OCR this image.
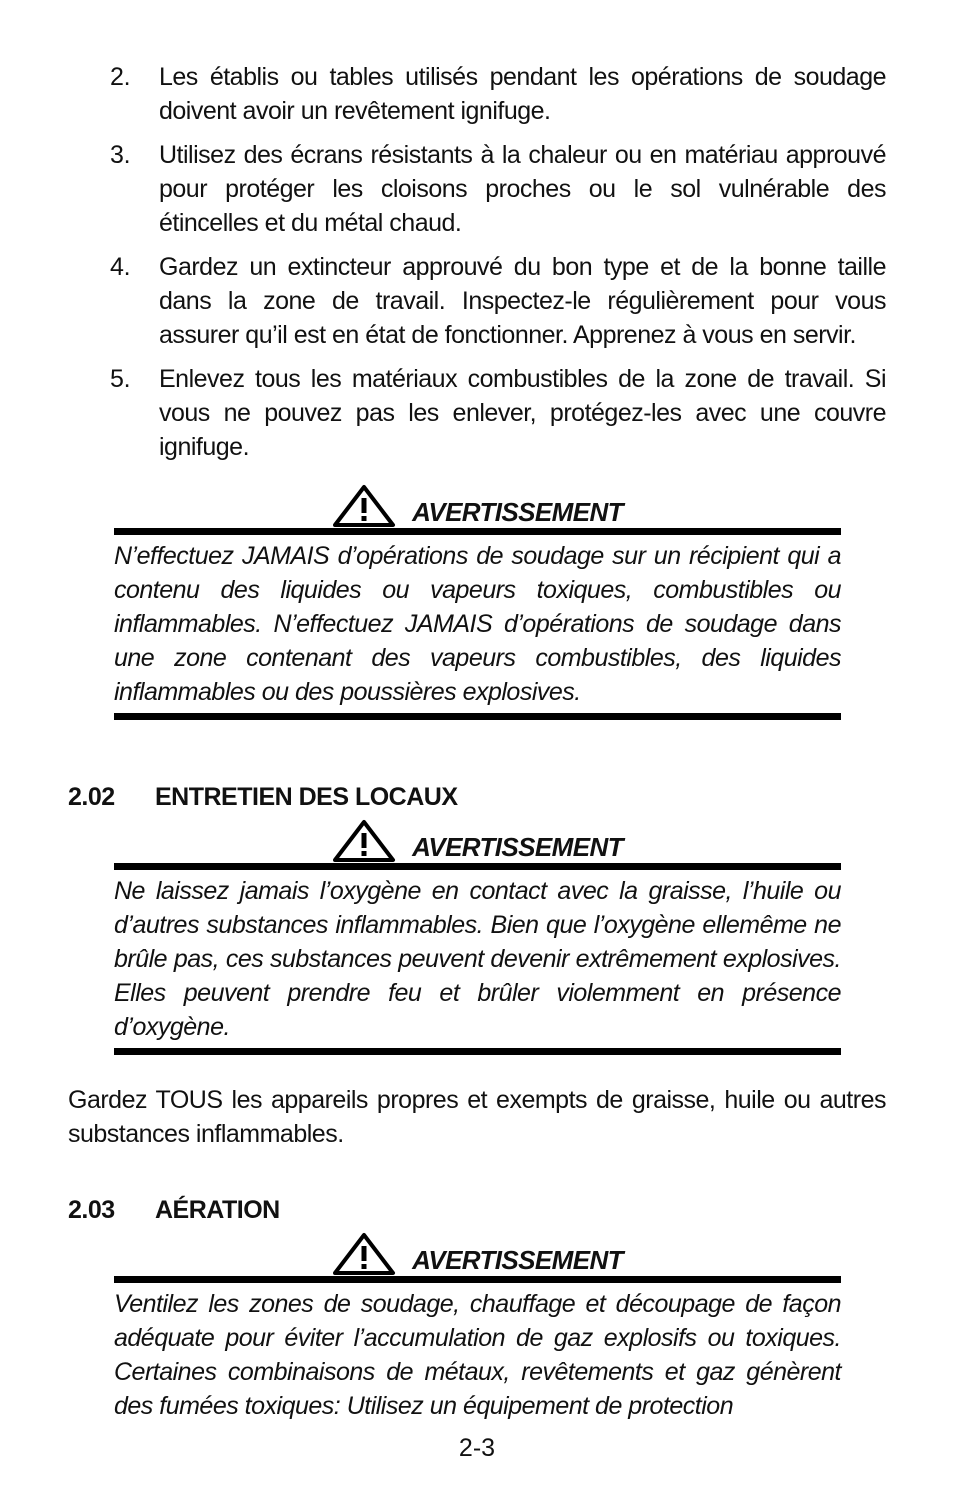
2. Les établis ou tables utilisés pendant les opérations de soudage doivent avoir un revêtement ignifuge.
3. Utilisez des écrans résistants à la chaleur ou en matériau approuvé pour protéger les cloisons proches ou le sol vulnérable des étincelles et du métal chaud.
4. Gardez un extincteur approuvé du bon type et de la bonne taille dans la zone de travail. Inspectez-le régulièrement pour vous assurer qu’il est en état de fonctionner. Apprenez à vous en servir.
5. Enlevez tous les matériaux combustibles de la zone de travail. Si vous ne pouvez pas les enlever, protégez-les avec une couvre ignifuge.
AVERTISSEMENT
N’effectuez JAMAIS d’opérations de soudage sur un récipient qui a contenu des liquides ou vapeurs toxiques, combustibles ou inflammables. N’effectuez JAMAIS d’opérations de soudage dans une zone contenant des vapeurs combustibles, des liquides inflammables ou des poussières explosives.
2.02 ENTRETIEN DES LOCAUX
AVERTISSEMENT
Ne laissez jamais l’oxygène en contact avec la graisse, l’huile ou d’autres substances inflammables. Bien que l’oxygène ellemême ne brûle pas, ces substances peuvent devenir extrêmement explosives. Elles peuvent prendre feu et brûler violemment en présence d’oxygène.
Gardez TOUS les appareils propres et exempts de graisse, huile ou autres substances inflammables.
2.03 AÉRATION
AVERTISSEMENT
Ventilez les zones de soudage, chauffage et découpage de façon adéquate pour éviter l’accumulation de gaz explosifs ou toxiques. Certaines combinaisons de métaux, revêtements et gaz génèrent des fumées toxiques: Utilisez un équipement de protection
2-3
